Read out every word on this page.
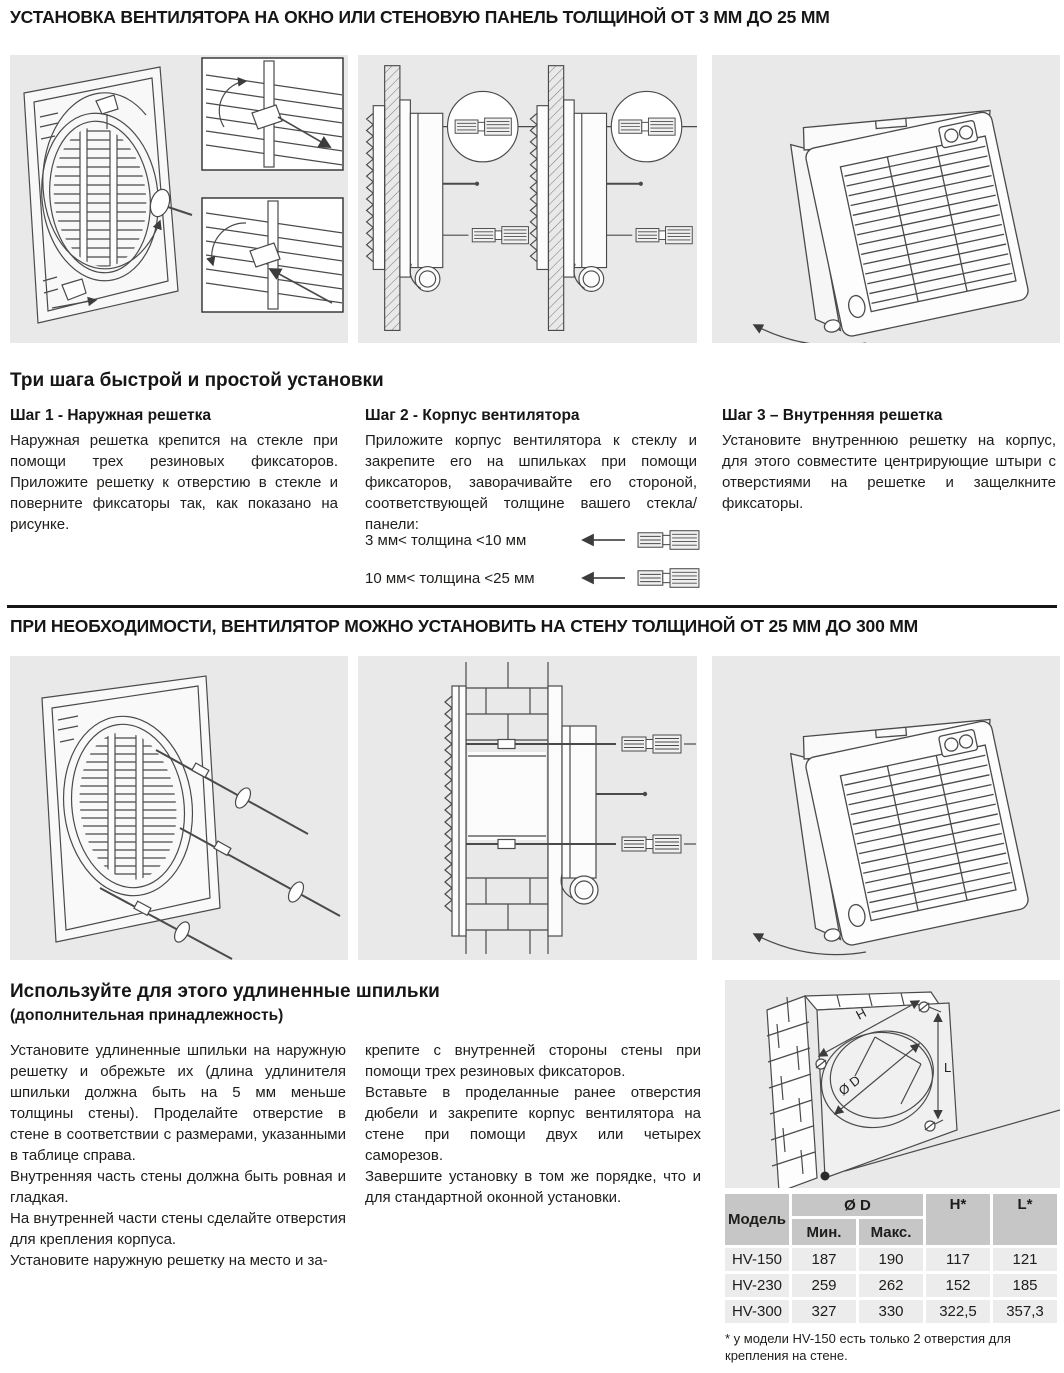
УСТАНОВКА ВЕНТИЛЯТОРА НА ОКНО ИЛИ СТЕНОВУЮ ПАНЕЛЬ ТОЛЩИНОЙ ОТ 3 ММ ДО 25 ММ
Три шага быстрой и простой установки
Шаг 1 - Наружная решетка
Наружная решетка крепится на стекле при помощи трех резиновых фиксаторов. Приложите решетку к отверстию в стекле и поверните фиксаторы так, как показано на рисунке.
Шаг 2 - Корпус вентилятора
Приложите корпус вентилятора к стеклу и закрепите его на шпильках при помощи фиксаторов, заворачивайте его стороной, соответствующей толщине вашего стекла/панели:
Шаг 3 – Внутренняя решетка
Установите внутреннюю решетку на корпус, для этого совместите центрирующие штыри с отверстиями на решетке и защелкните фиксаторы.
3 мм< толщина <10 мм
10 мм< толщина <25 мм
ПРИ НЕОБХОДИМОСТИ, ВЕНТИЛЯТОР МОЖНО УСТАНОВИТЬ НА СТЕНУ ТОЛЩИНОЙ ОТ 25 ММ ДО 300 ММ
Используйте для этого удлиненные шпильки
(дополнительная принадлежность)

Установите удлиненные шпильки на наружную решетку и обрежьте их (длина удлинителя шпильки должна быть на 5 мм меньше толщины стены). Проделайте отверстие в стене в соответствии с размерами, указанными в таблице справа.

Внутренняя часть стены должна быть ровная и гладкая.

На внутренней части стены сделайте отверстия для крепления корпуса.

Установите наружную решетку на место и за-

крепите с внутренней стороны стены при помощи трех резиновых фиксаторов.

Вставьте в проделанные ранее отверстия дюбели и закрепите корпус вентилятора на стене при помощи двух или четырех саморезов.

Завершите установку в том же порядке, что и для стандартной оконной установки.

H
L
Ø D
Модель
Ø D	H*	L*
Мин.	Макс.
HV-150	187	190	117	121
HV-230	259	262	152	185
HV-300	327	330	322,5	357,3
* у модели HV-150 есть только 2 отверстия для крепления на стене.
